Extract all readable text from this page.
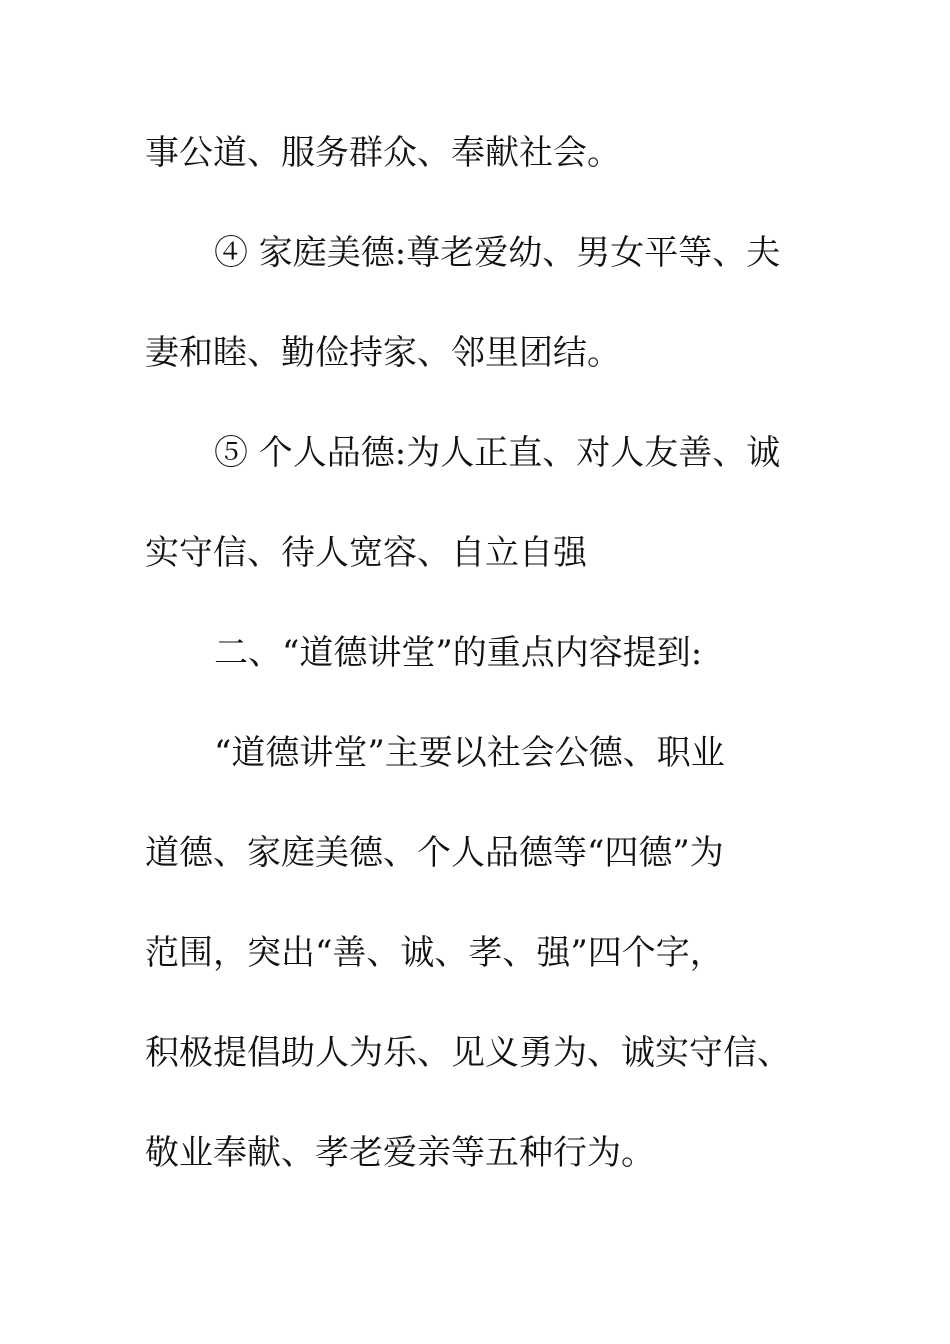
事公道、服务群众、奉献社会。
④ 家庭美德:尊老爱幼、男女平等、夫
妻和睦、勤俭持家、邻里团结。
⑤ 个人品德:为人正直、对人友善、诚
实守信、待人宽容、自立自强
二、“道德讲堂”的重点内容提到:
“道德讲堂”主要以社会公德、职业
道德、家庭美德、个人品德等“四德”为
范围，突出“善、诚、孝、强”四个字，
积极提倡助人为乐、见义勇为、诚实守信、
敬业奉献、孝老爱亲等五种行为。
